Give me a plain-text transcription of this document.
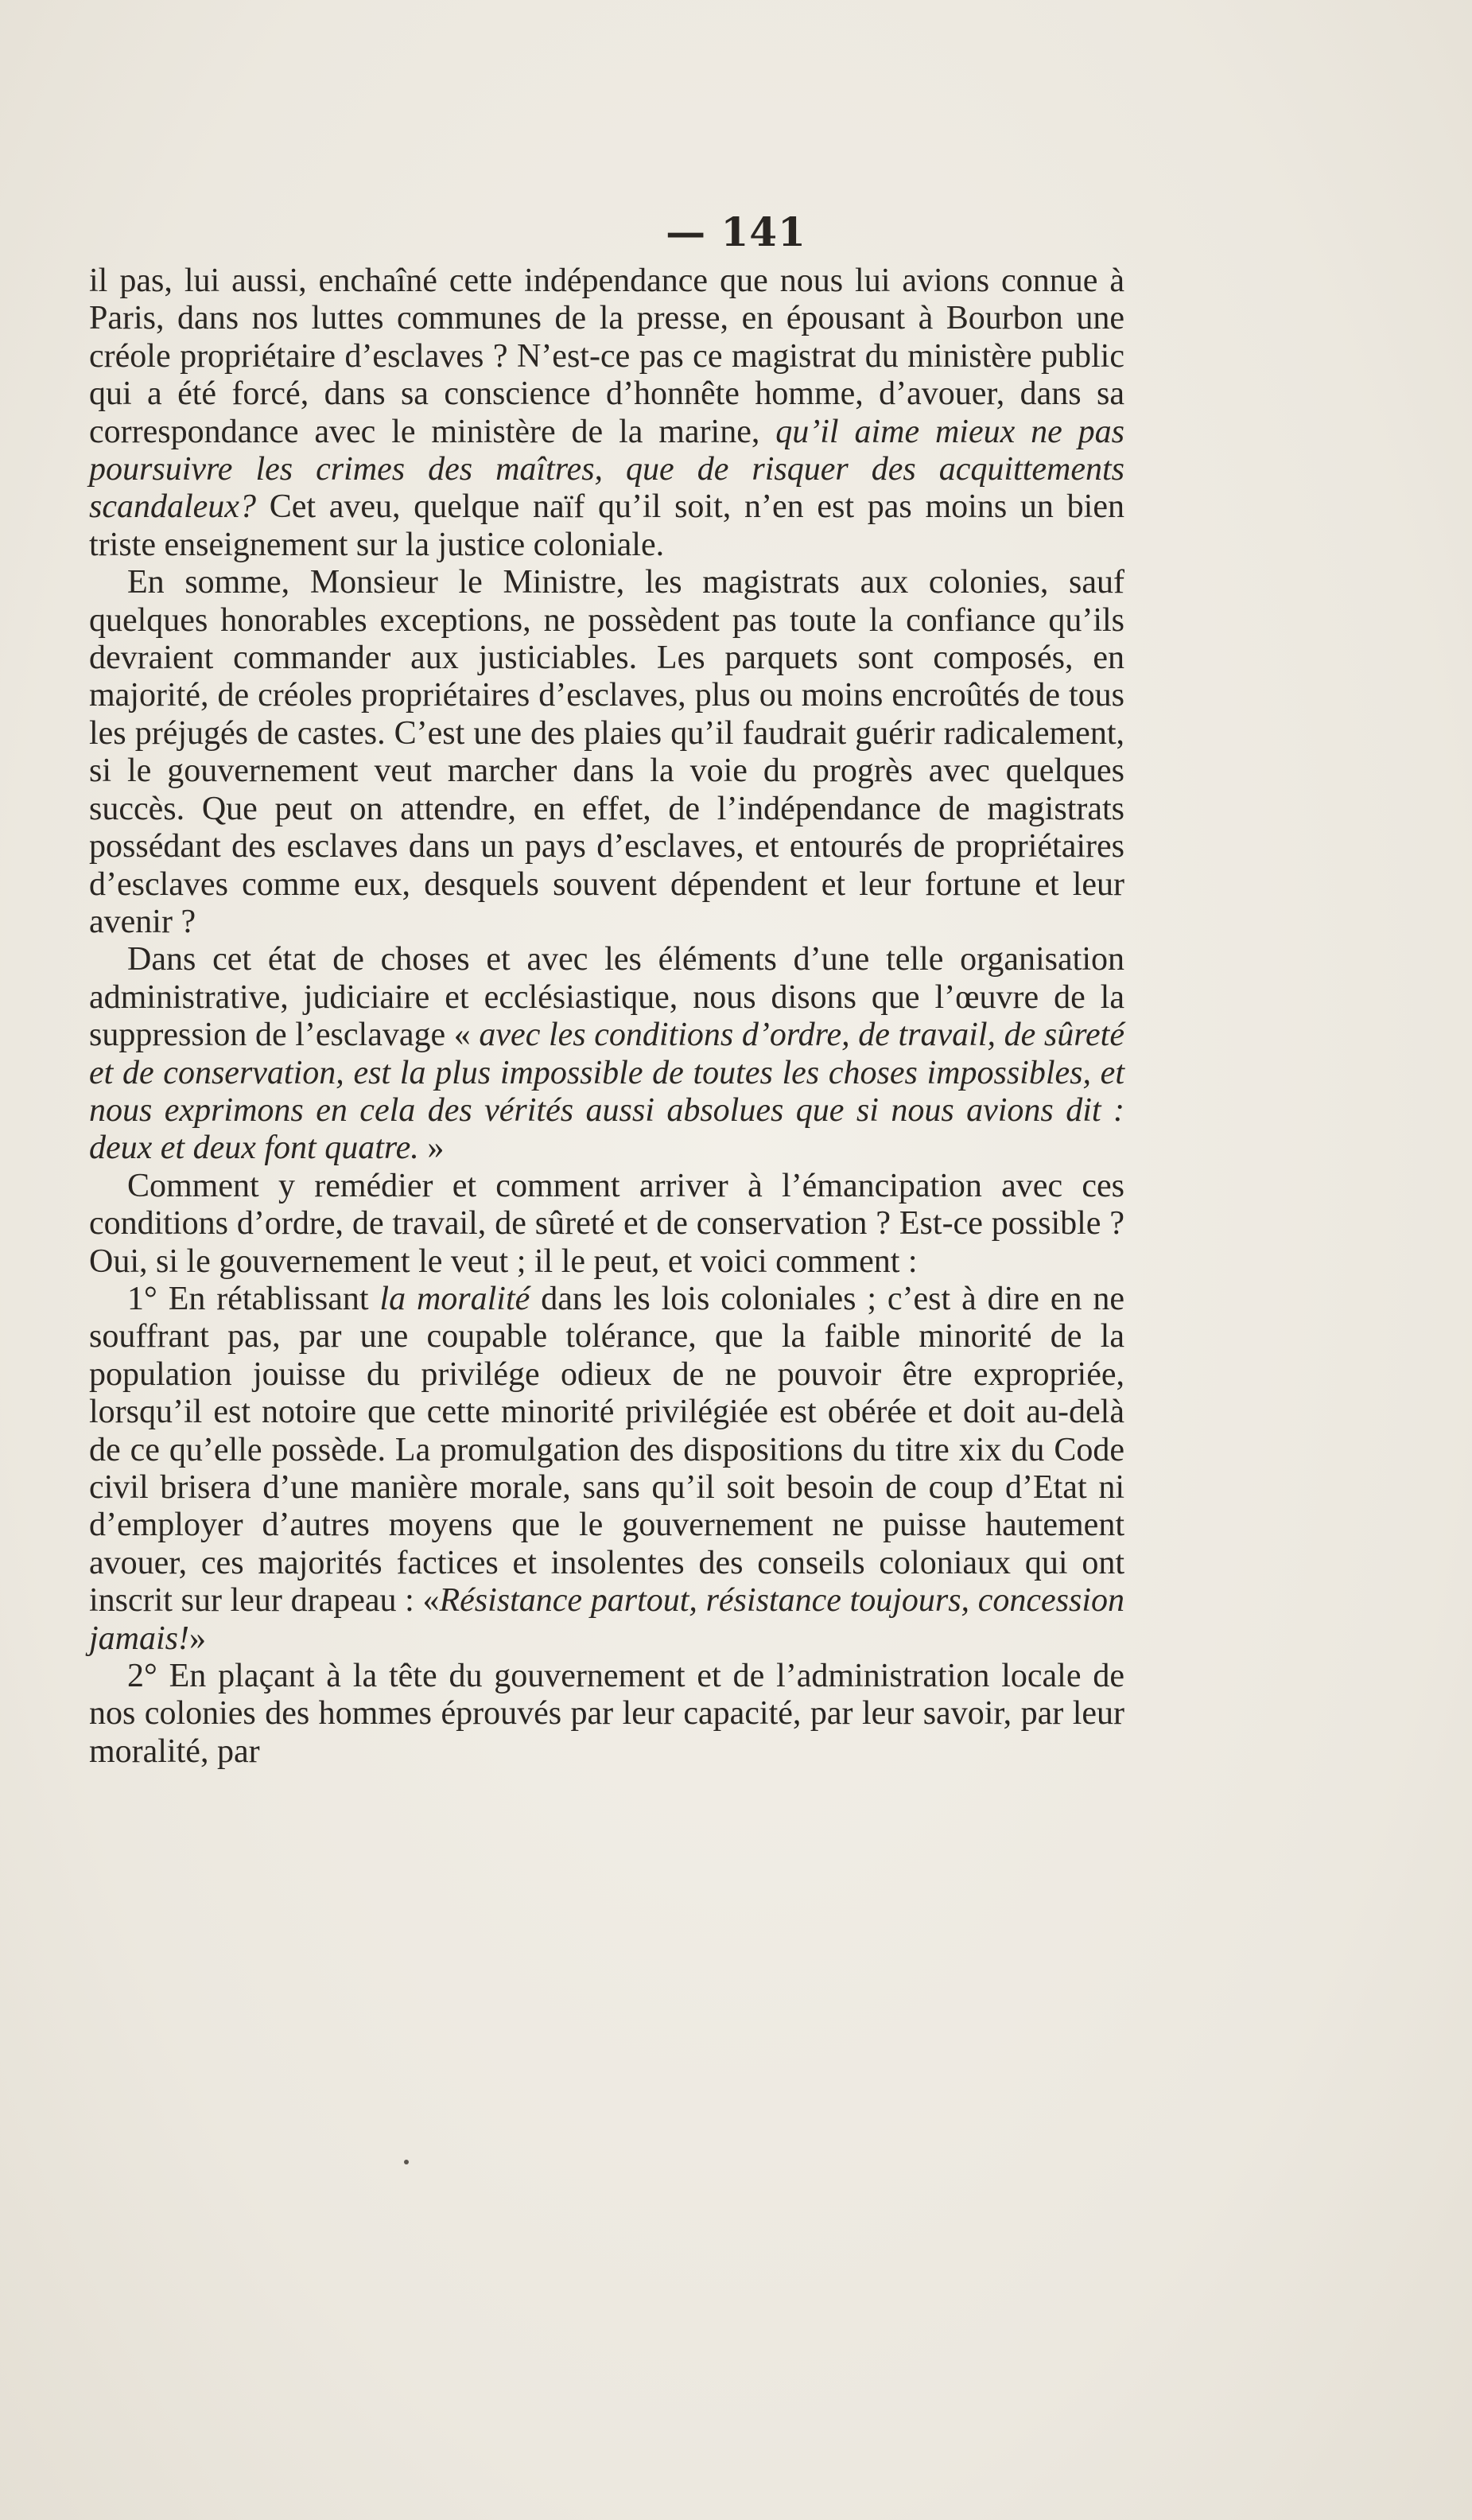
— 141

il pas, lui aussi, enchaîné cette indépendance que nous lui avions connue à Paris, dans nos luttes communes de la presse, en épousant à Bourbon une créole propriétaire d’esclaves ? N’est-ce pas ce magistrat du ministère public qui a été forcé, dans sa conscience d’honnête homme, d’avouer, dans sa correspondance avec le ministère de la marine, qu’il aime mieux ne pas poursuivre les crimes des maîtres, que de risquer des acquittements scandaleux? Cet aveu, quelque naïf qu’il soit, n’en est pas moins un bien triste enseignement sur la justice coloniale.

En somme, Monsieur le Ministre, les magistrats aux colonies, sauf quelques honorables exceptions, ne possèdent pas toute la confiance qu’ils devraient commander aux justiciables. Les parquets sont composés, en majorité, de créoles propriétaires d’esclaves, plus ou moins encroûtés de tous les préjugés de castes. C’est une des plaies qu’il faudrait guérir radicalement, si le gouvernement veut marcher dans la voie du progrès avec quelques succès. Que peut on attendre, en effet, de l’indépendance de magistrats possédant des esclaves dans un pays d’esclaves, et entourés de propriétaires d’esclaves comme eux, desquels souvent dépendent et leur fortune et leur avenir ?

Dans cet état de choses et avec les éléments d’une telle organisation administrative, judiciaire et ecclésiastique, nous disons que l’œuvre de la suppression de l’esclavage « avec les conditions d’ordre, de travail, de sûreté et de conservation, est la plus impossible de toutes les choses impossibles, et nous exprimons en cela des vérités aussi absolues que si nous avions dit : deux et deux font quatre. »

Comment y remédier et comment arriver à l’émancipation avec ces conditions d’ordre, de travail, de sûreté et de conservation ? Est-ce possible ? Oui, si le gouvernement le veut ; il le peut, et voici comment :

1° En rétablissant la moralité dans les lois coloniales ; c’est à dire en ne souffrant pas, par une coupable tolérance, que la faible minorité de la population jouisse du privilége odieux de ne pouvoir être expropriée, lorsqu’il est notoire que cette minorité privilégiée est obérée et doit au-delà de ce qu’elle possède. La promulgation des dispositions du titre xix du Code civil brisera d’une manière morale, sans qu’il soit besoin de coup d’Etat ni d’employer d’autres moyens que le gouvernement ne puisse hautement avouer, ces majorités factices et insolentes des conseils coloniaux qui ont inscrit sur leur drapeau : «Résistance partout, résistance toujours, concession jamais!»

2° En plaçant à la tête du gouvernement et de l’administration locale de nos colonies des hommes éprouvés par leur capacité, par leur savoir, par leur moralité, par
